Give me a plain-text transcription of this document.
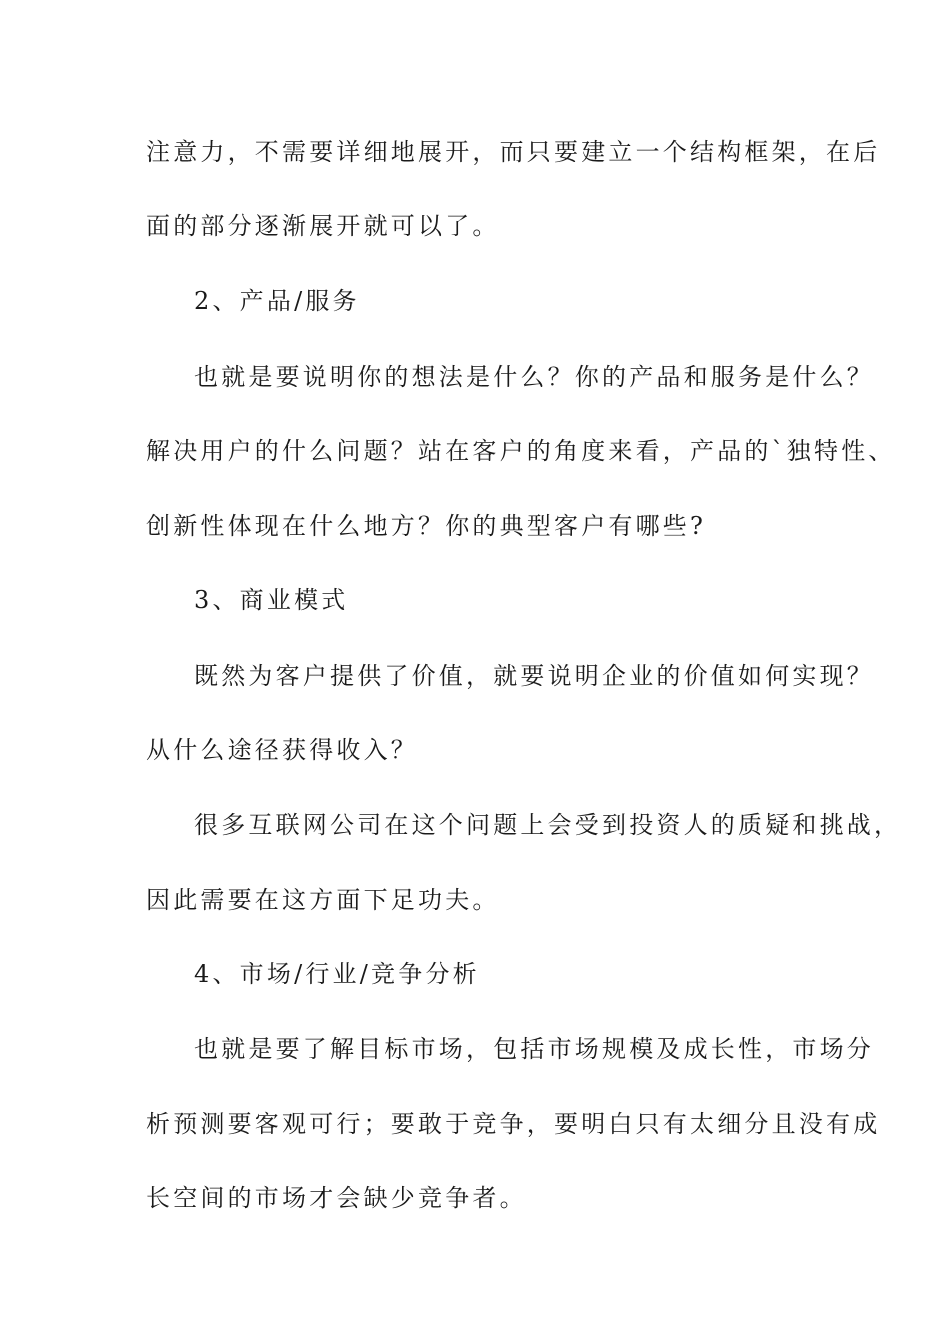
注意力，不需要详细地展开，而只要建立一个结构框架，在后
面的部分逐渐展开就可以了。
2、产品/服务
也就是要说明你的想法是什么？你的产品和服务是什么？
解决用户的什么问题？站在客户的角度来看，产品的`独特性、
创新性体现在什么地方？你的典型客户有哪些?
3、商业模式
既然为客户提供了价值，就要说明企业的价值如何实现？
从什么途径获得收入？
很多互联网公司在这个问题上会受到投资人的质疑和挑战，
因此需要在这方面下足功夫。
4、市场/行业/竞争分析
也就是要了解目标市场，包括市场规模及成长性，市场分
析预测要客观可行；要敢于竞争，要明白只有太细分且没有成
长空间的市场才会缺少竞争者。
